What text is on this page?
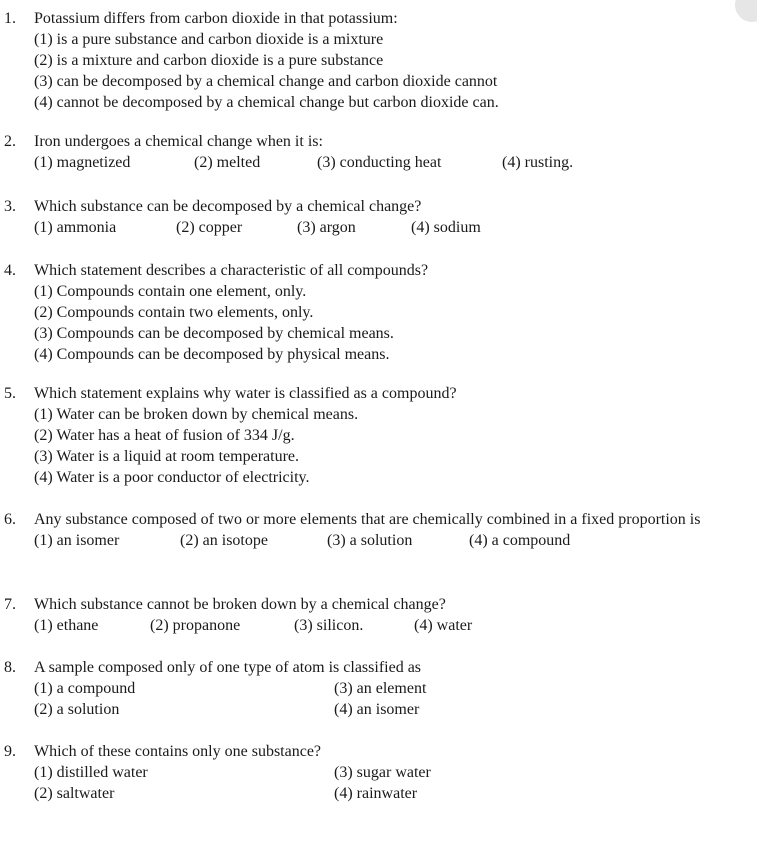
1.	Potassium differs from carbon dioxide in that potassium:
(1) is a pure substance and carbon dioxide is a mixture
(2) is a mixture and carbon dioxide is a pure substance
(3) can be decomposed by a chemical change and carbon dioxide cannot
(4) cannot be decomposed by a chemical change but carbon dioxide can.
2.	Iron undergoes a chemical change when it is:
(1) magnetized	(2) melted	(3) conducting heat	(4) rusting.
3.	Which substance can be decomposed by a chemical change?
(1) ammonia	(2) copper	(3) argon	(4) sodium
4.	Which statement describes a characteristic of all compounds?
(1) Compounds contain one element, only.
(2) Compounds contain two elements, only.
(3) Compounds can be decomposed by chemical means.
(4) Compounds can be decomposed by physical means.
5.	Which statement explains why water is classified as a compound?
(1) Water can be broken down by chemical means.
(2) Water has a heat of fusion of 334 J/g.
(3) Water is a liquid at room temperature.
(4) Water is a poor conductor of electricity.
6.	Any substance composed of two or more elements that are chemically combined in a fixed proportion is
(1) an isomer	(2) an isotope	(3) a solution	(4) a compound
7.	Which substance cannot be broken down by a chemical change?
(1) ethane	(2) propanone	(3) silicon.	(4) water
8.	A sample composed only of one type of atom is classified as
(1) a compound	(3) an element
(2) a solution	(4) an isomer
9.	Which of these contains only one substance?
(1) distilled water	(3) sugar water
(2) saltwater	(4) rainwater
